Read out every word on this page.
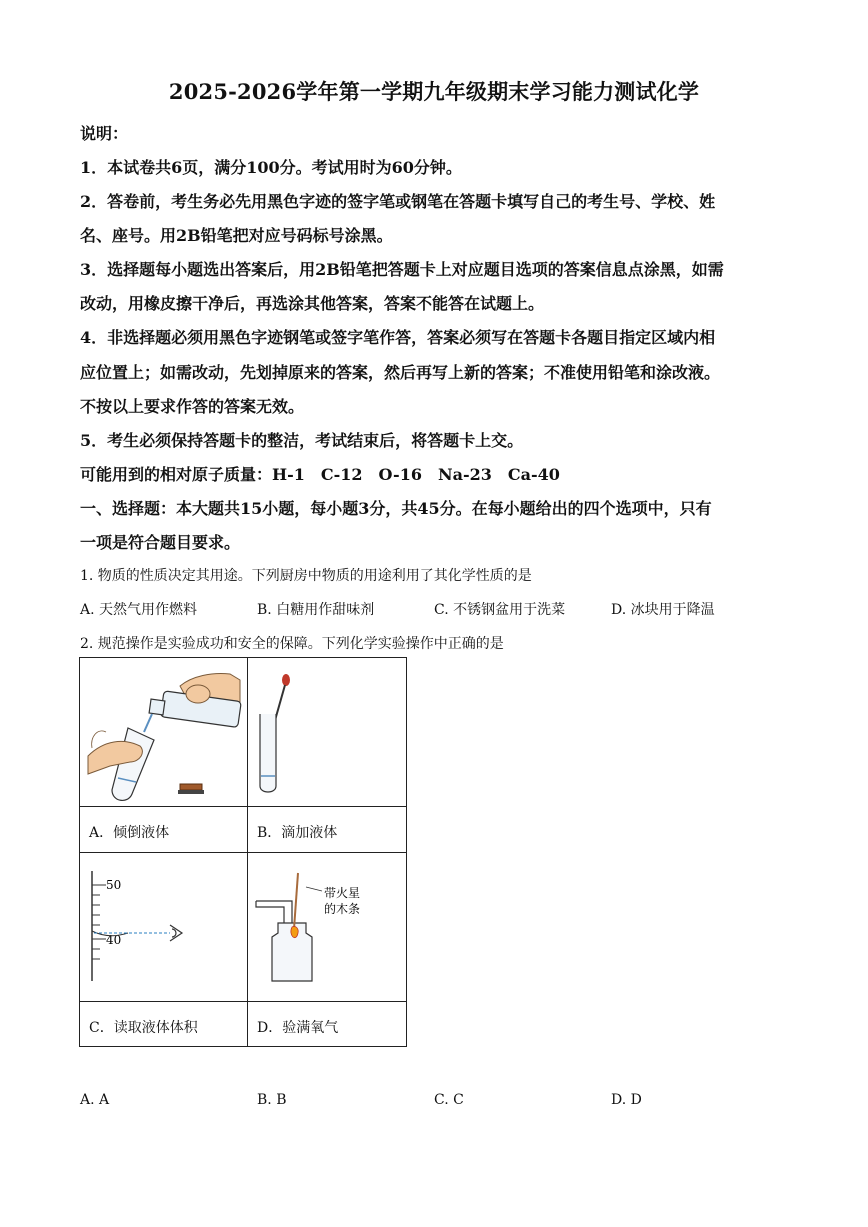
2025-2026学年第一学期九年级期末学习能力测试化学
说明：
1．本试卷共6页，满分100分。考试用时为60分钟。
2．答卷前，考生务必先用黑色字迹的签字笔或钢笔在答题卡填写自己的考生号、学校、姓
名、座号。用2B铅笔把对应号码标号涂黑。
3．选择题每小题选出答案后，用2B铅笔把答题卡上对应题目选项的答案信息点涂黑，如需
改动，用橡皮擦干净后，再选涂其他答案，答案不能答在试题上。
4．非选择题必须用黑色字迹钢笔或签字笔作答，答案必须写在答题卡各题目指定区域内相
应位置上；如需改动，先划掉原来的答案，然后再写上新的答案；不准使用铅笔和涂改液。
不按以上要求作答的答案无效。
5．考生必须保持答题卡的整洁，考试结束后，将答题卡上交。
可能用到的相对原子质量：H-1　C-12　O-16　Na-23　Ca-40
一、选择题：本大题共15小题，每小题3分，共45分。在每小题给出的四个选项中，只有
一项是符合题目要求。
1. 物质的性质决定其用途。下列厨房中物质的用途利用了其化学性质的是
A. 天然气用作燃料	B. 白糖用作甜味剂	C. 不锈钢盆用于洗菜	D. 冰块用于降温
2. 规范操作是实验成功和安全的保障。下列化学实验操作中正确的是
50
40
带火星
的木条
A．倾倒液体	B．滴加液体
C．读取液体体积	D．验满氧气
A. A	B. B	C. C	D. D
